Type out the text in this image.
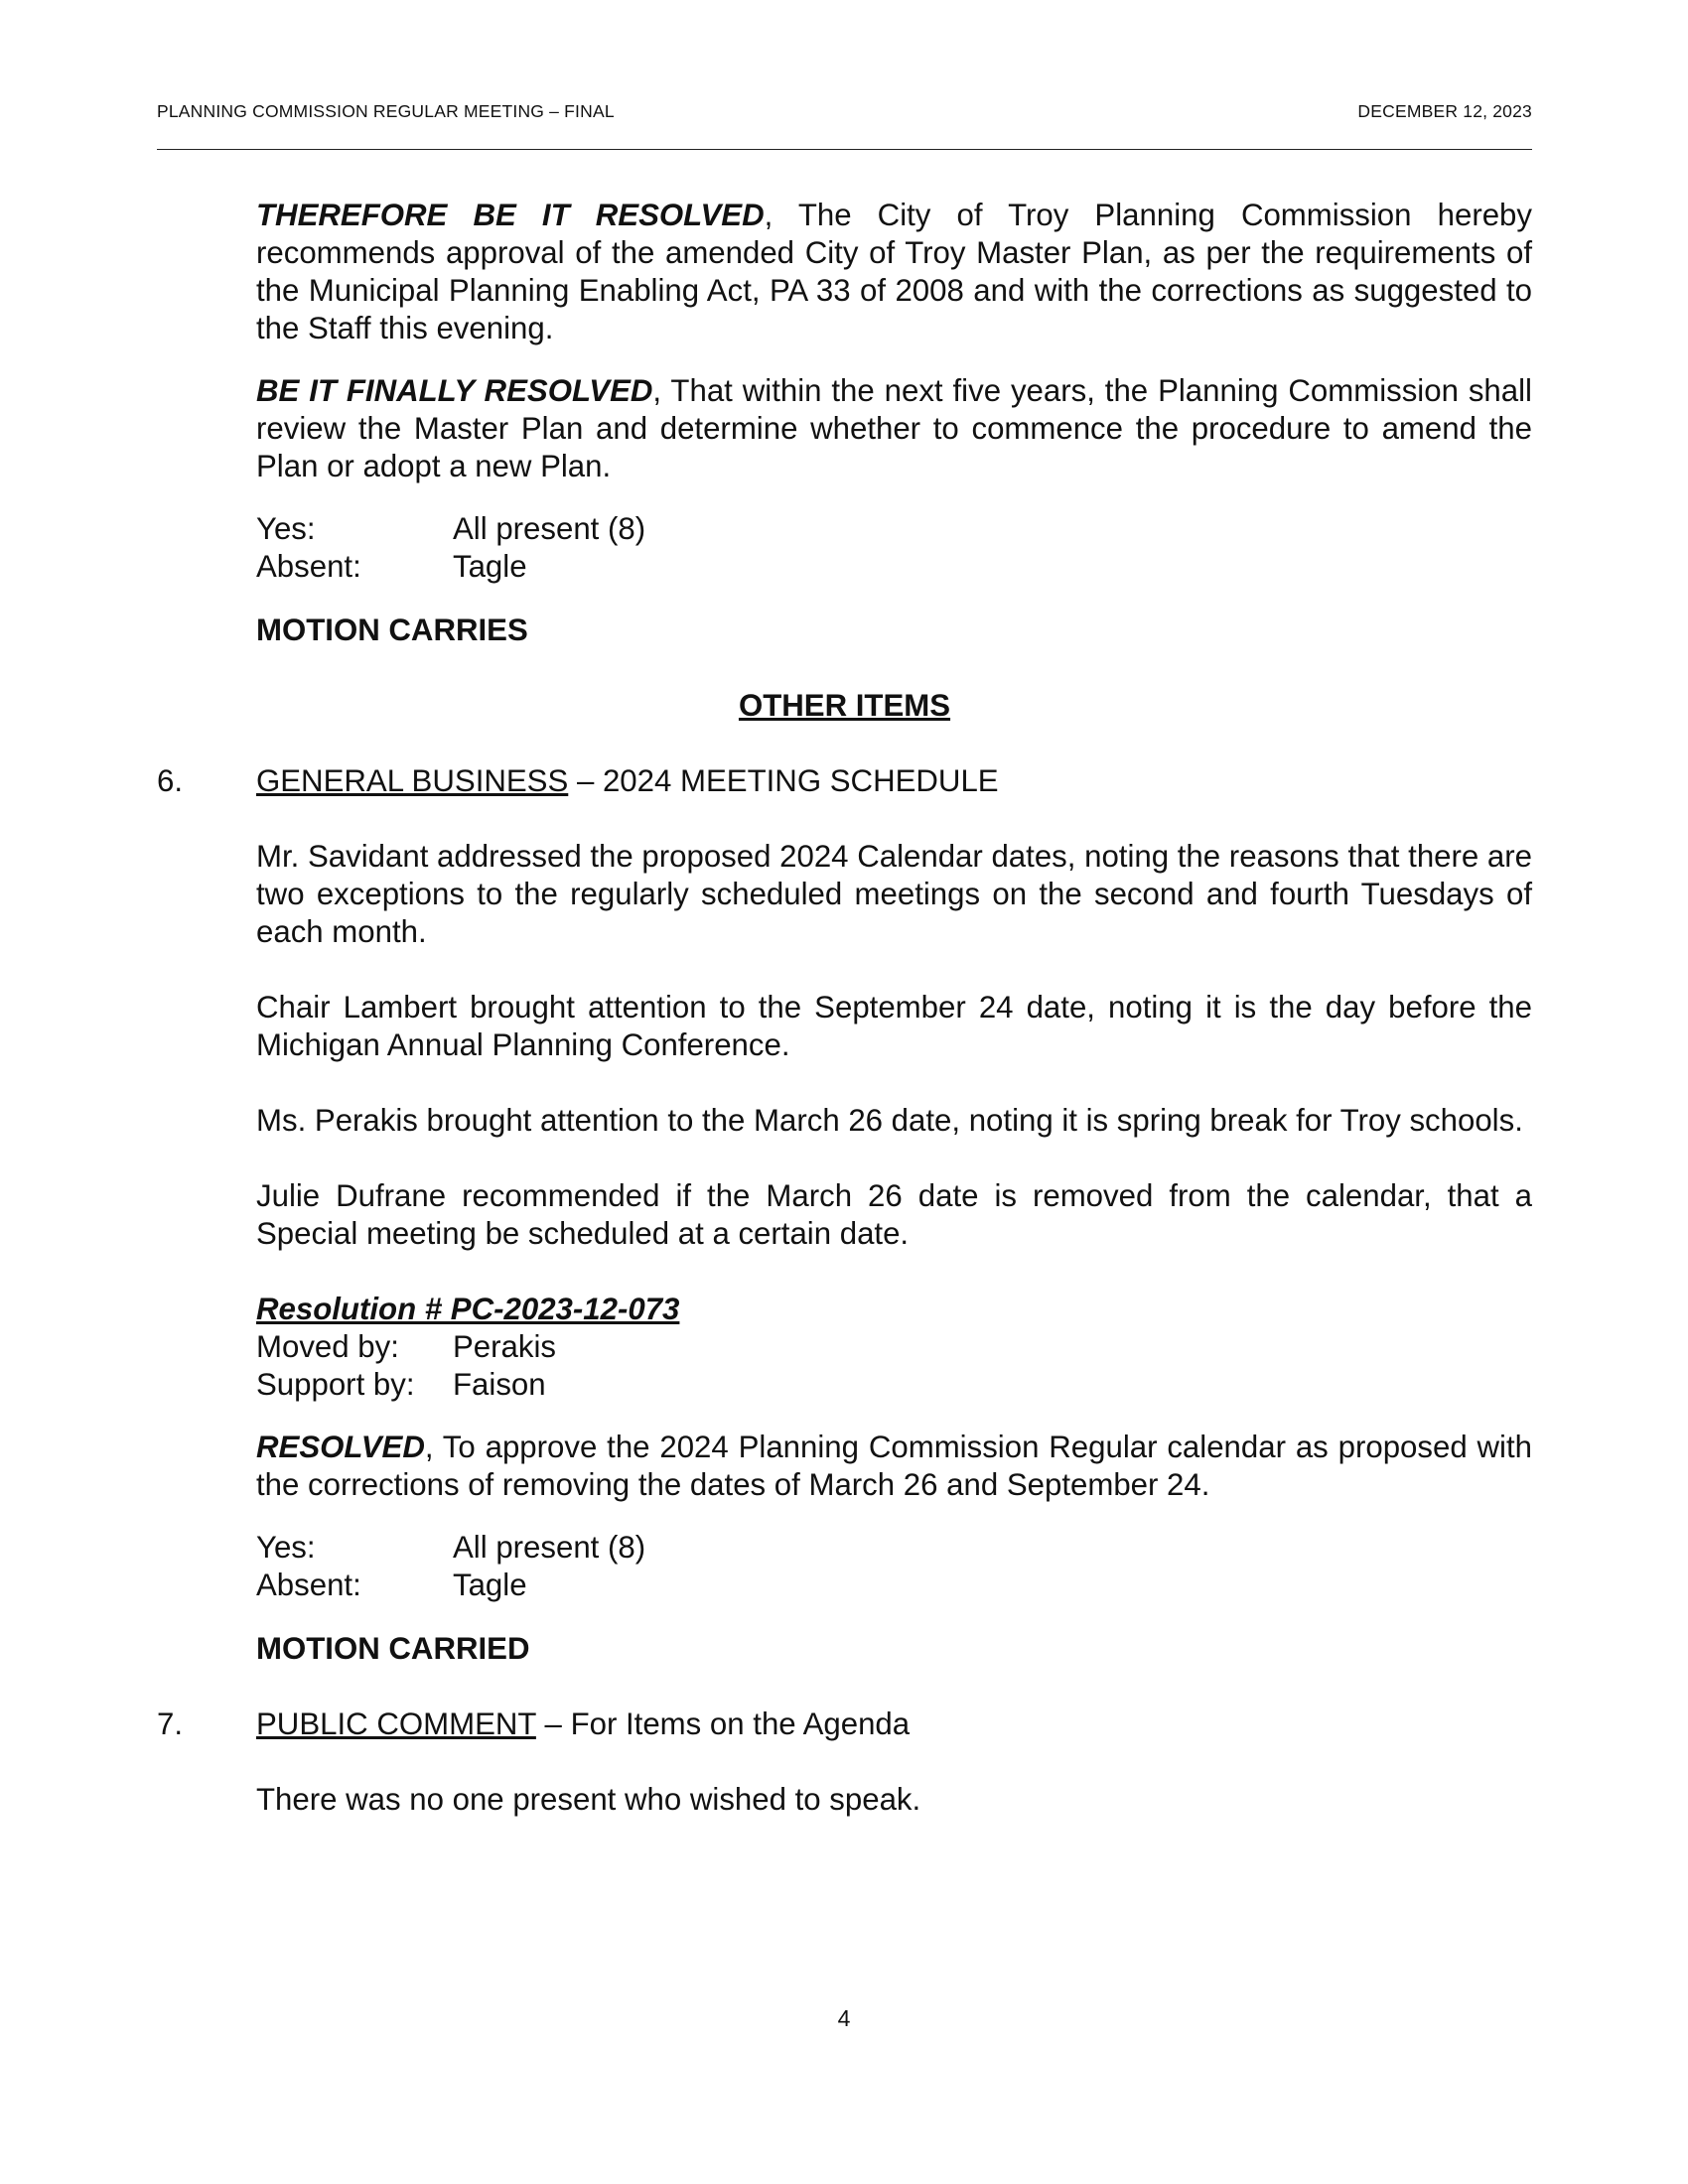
PLANNING COMMISSION REGULAR MEETING – FINAL	DECEMBER 12, 2023

THEREFORE BE IT RESOLVED, The City of Troy Planning Commission hereby recommends approval of the amended City of Troy Master Plan, as per the requirements of the Municipal Planning Enabling Act, PA 33 of 2008 and with the corrections as suggested to the Staff this evening.

BE IT FINALLY RESOLVED, That within the next five years, the Planning Commission shall review the Master Plan and determine whether to commence the procedure to amend the Plan or adopt a new Plan.

Yes:	All present (8)
Absent:	Tagle
MOTION CARRIES
OTHER ITEMS
6.	GENERAL BUSINESS – 2024 MEETING SCHEDULE

Mr. Savidant addressed the proposed 2024 Calendar dates, noting the reasons that there are two exceptions to the regularly scheduled meetings on the second and fourth Tuesdays of each month.

Chair Lambert brought attention to the September 24 date, noting it is the day before the Michigan Annual Planning Conference.

Ms. Perakis brought attention to the March 26 date, noting it is spring break for Troy schools.

Julie Dufrane recommended if the March 26 date is removed from the calendar, that a Special meeting be scheduled at a certain date.

Resolution # PC-2023-12-073
Moved by:	Perakis
Support by:	Faison

RESOLVED, To approve the 2024 Planning Commission Regular calendar as proposed with the corrections of removing the dates of March 26 and September 24.

Yes:	All present (8)
Absent:	Tagle
MOTION CARRIED
7.	PUBLIC COMMENT – For Items on the Agenda

There was no one present who wished to speak.

4
